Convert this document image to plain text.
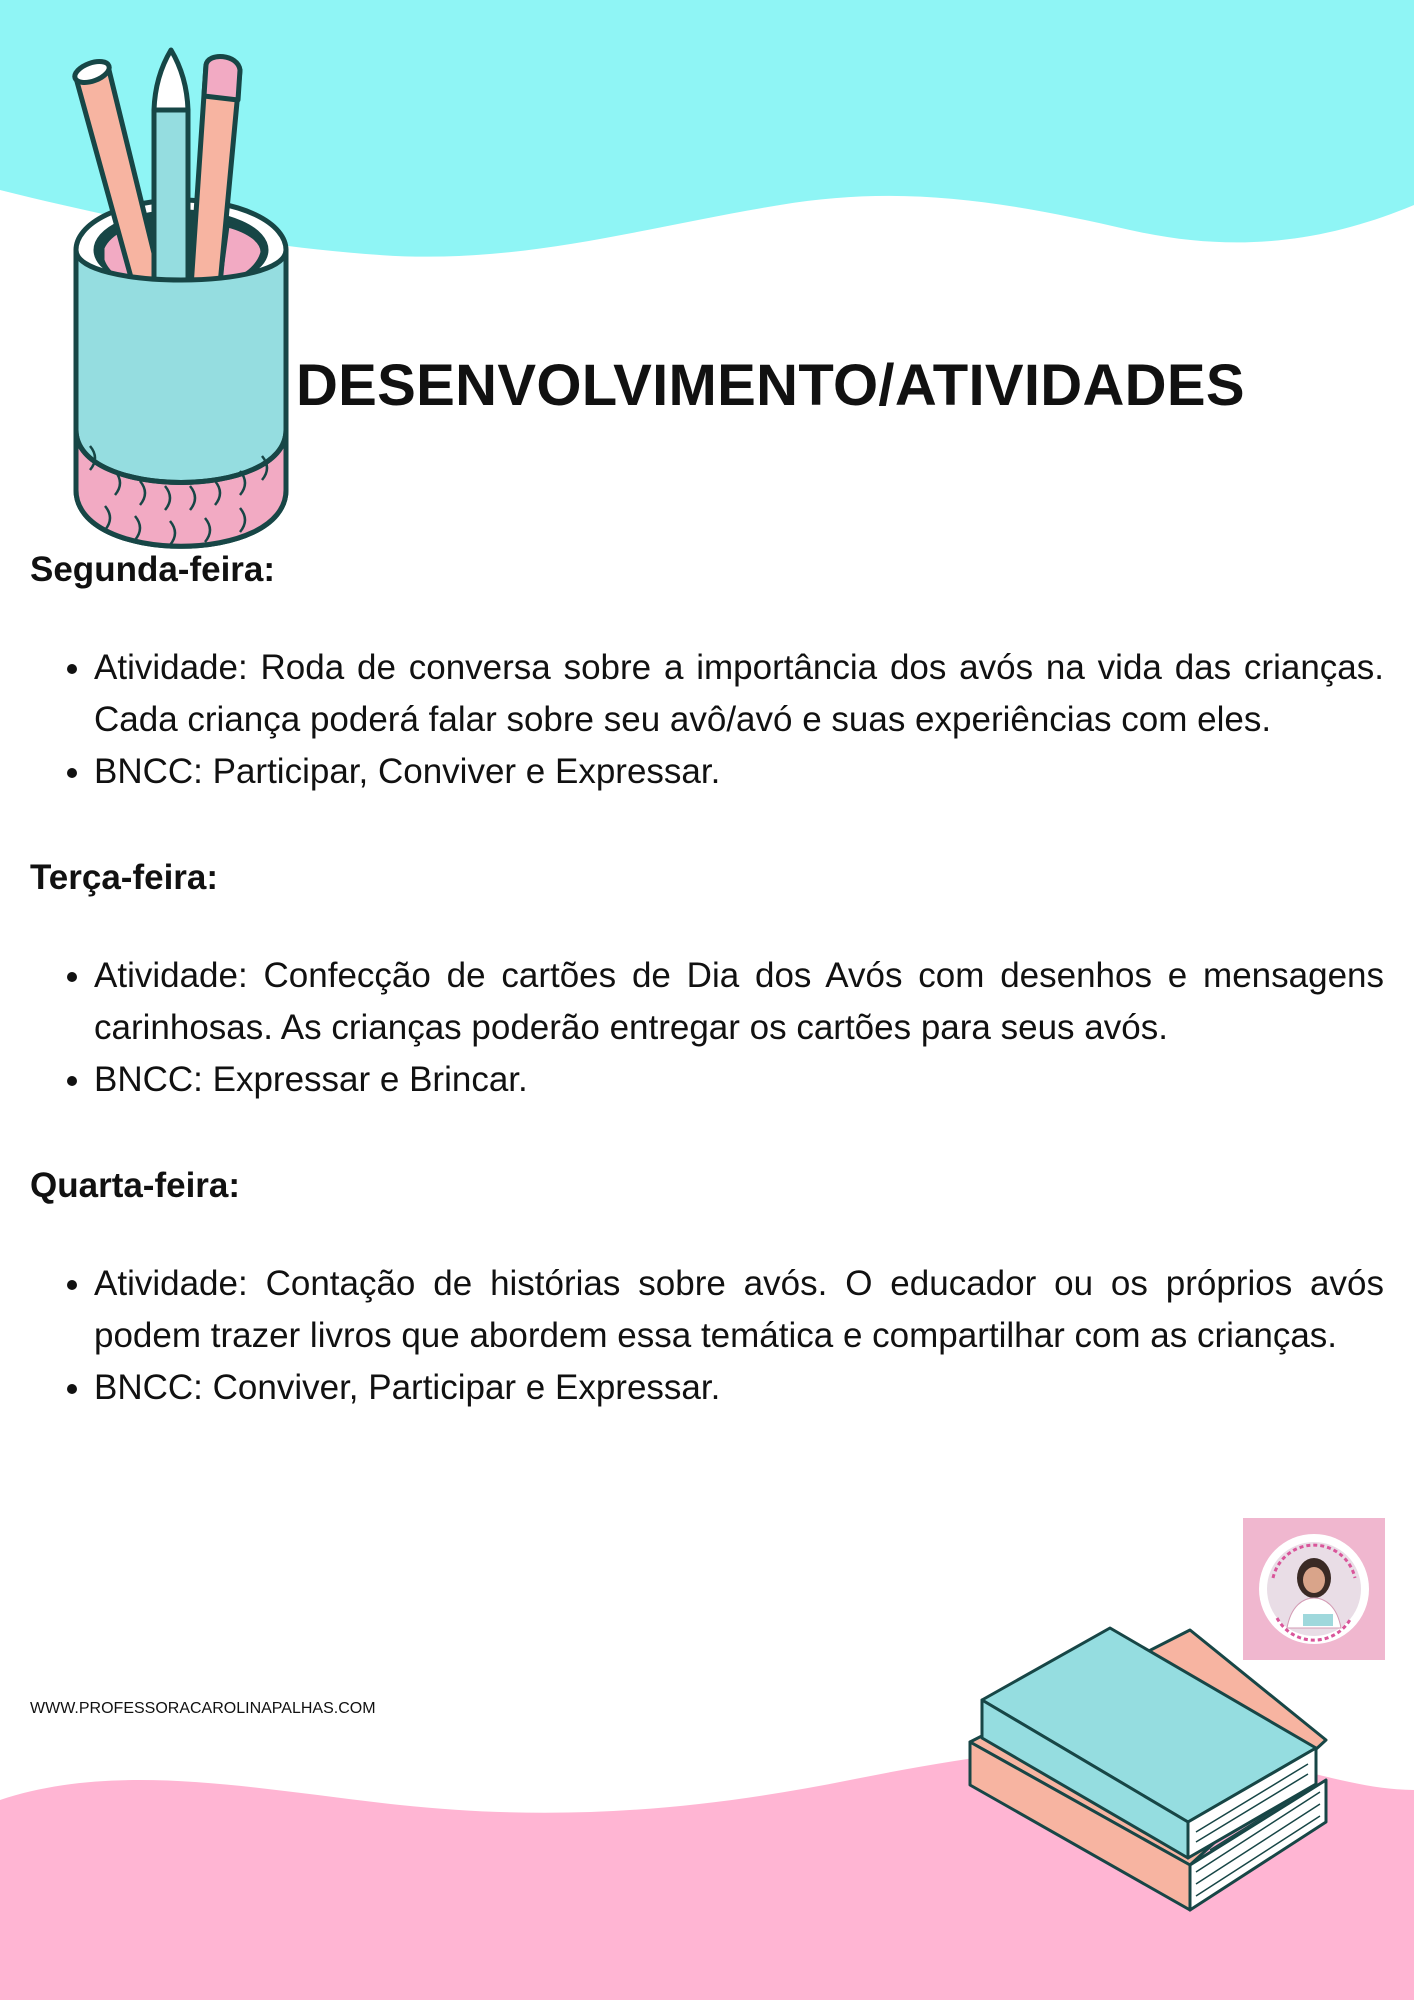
DESENVOLVIMENTO/ATIVIDADES

Segunda-feira:

• Atividade: Roda de conversa sobre a importância dos avós na vida das crianças. Cada criança poderá falar sobre seu avô/avó e suas experiências com eles.
• BNCC: Participar, Conviver e Expressar.

Terça-feira:

• Atividade: Confecção de cartões de Dia dos Avós com desenhos e mensagens carinhosas. As crianças poderão entregar os cartões para seus avós.
• BNCC: Expressar e Brincar.

Quarta-feira:

• Atividade: Contação de histórias sobre avós. O educador ou os próprios avós podem trazer livros que abordem essa temática e compartilhar com as crianças.
• BNCC: Conviver, Participar e Expressar.
WWW.PROFESSORACAROLINAPALHAS.COM
